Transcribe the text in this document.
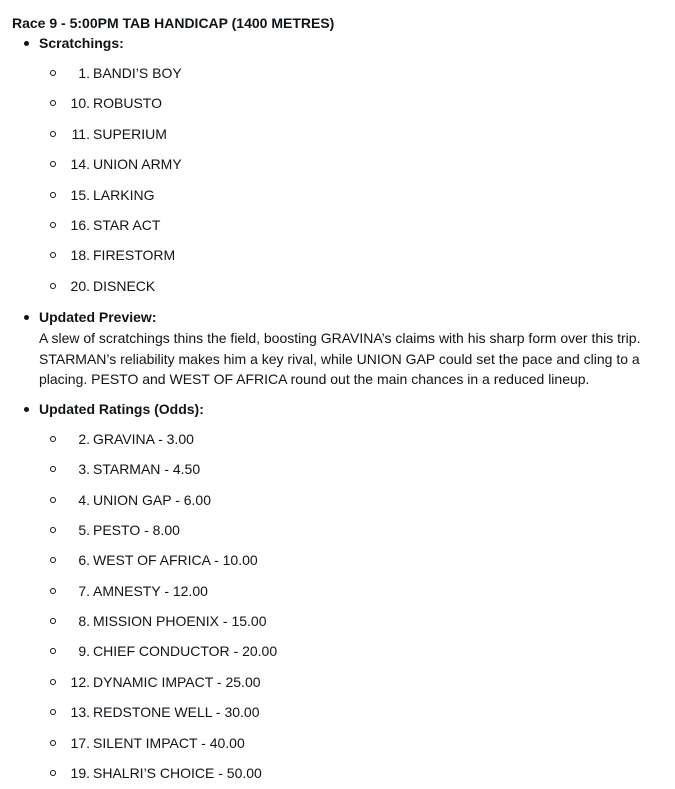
Race 9 - 5:00PM TAB HANDICAP (1400 METRES)
Scratchings:
1. BANDI’S BOY
10. ROBUSTO
11. SUPERIUM
14. UNION ARMY
15. LARKING
16. STAR ACT
18. FIRESTORM
20. DISNECK
Updated Preview:
A slew of scratchings thins the field, boosting GRAVINA’s claims with his sharp form over this trip. STARMAN’s reliability makes him a key rival, while UNION GAP could set the pace and cling to a placing. PESTO and WEST OF AFRICA round out the main chances in a reduced lineup.
Updated Ratings (Odds):
2. GRAVINA - 3.00
3. STARMAN - 4.50
4. UNION GAP - 6.00
5. PESTO - 8.00
6. WEST OF AFRICA - 10.00
7. AMNESTY - 12.00
8. MISSION PHOENIX - 15.00
9. CHIEF CONDUCTOR - 20.00
12. DYNAMIC IMPACT - 25.00
13. REDSTONE WELL - 30.00
17. SILENT IMPACT - 40.00
19. SHALRI’S CHOICE - 50.00
